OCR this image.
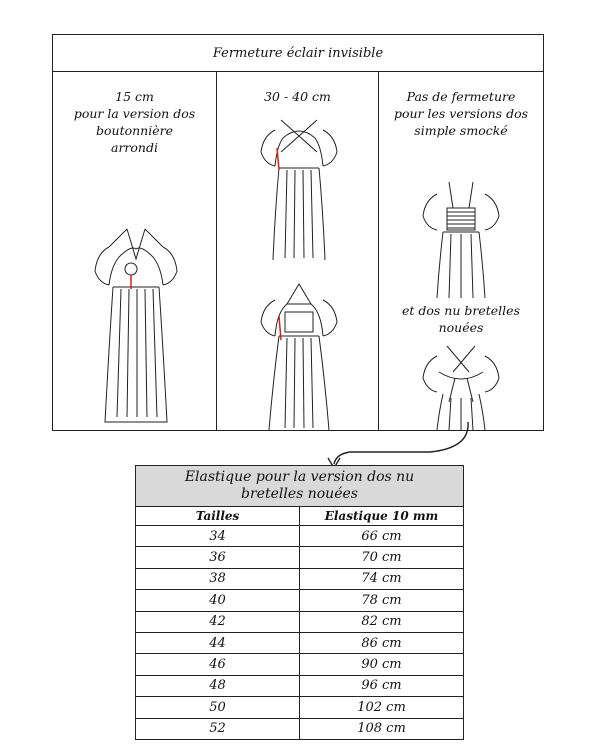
Fermeture éclair invisible
15 cm
pour la version dos
boutonnière
arrondi
30 - 40 cm	Pas de fermeture
pour les versions dos
simple smocké
et dos nu bretelles
nouées
Elastique pour la version dos nu
bretelles nouées	

Tailles	Elastique 10 mm
34	66 cm
36	70 cm
38	74 cm
40	78 cm
42	82 cm
44	86 cm
46	90 cm
48	96 cm
50	102 cm
52	108 cm
